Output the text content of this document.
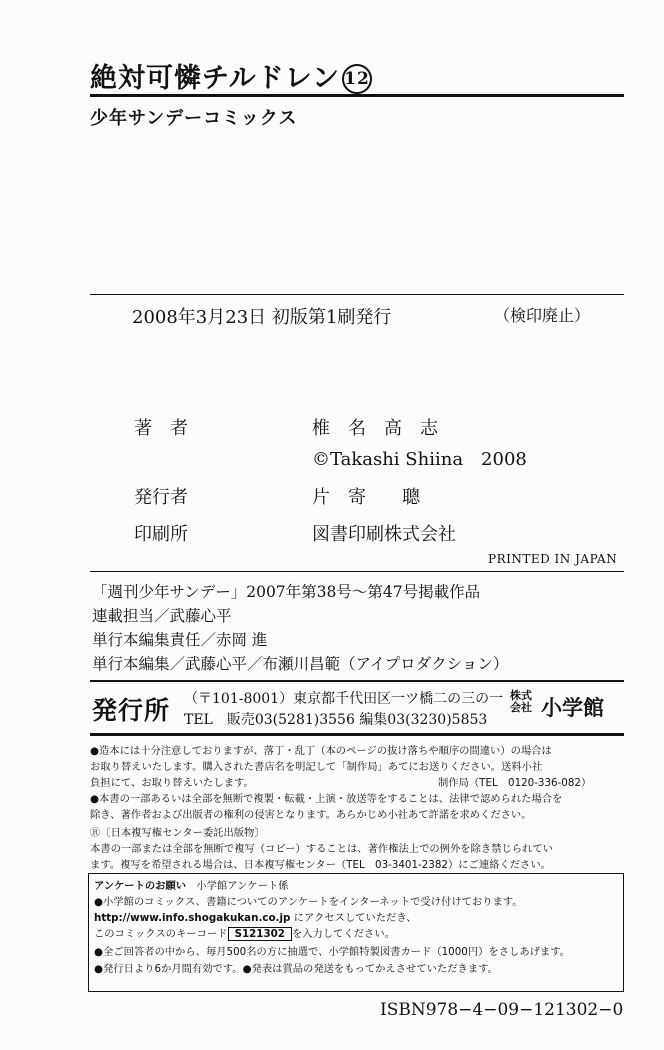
絶対可憐チルドレン 12
少年サンデーコミックス
2008年3月23日 初版第1刷発行	（検印廃止）
著　者	椎　名　高　志
©Takashi Shiina　2008
発行者	片　寄　　聰
印刷所	図書印刷株式会社
PRINTED IN JAPAN
「週刊少年サンデー」2007年第38号～第47号掲載作品
連載担当／武藤心平
単行本編集責任／赤岡 進
単行本編集／武藤心平／布瀬川昌範（アイプロダクション）
発行所 （〒101-8001）東京都千代田区一ツ橋二の三の一
TEL　販売03(5281)3556 編集03(3230)5853
株式
会社 小学館
●造本には十分注意しておりますが、落丁・乱丁（本のページの抜け落ちや順序の間違い）の場合は
お取り替えいたします。購入された書店名を明記して「制作局」あてにお送りください。送料小社
負担にて、お取り替えいたします。	制作局（TEL　0120-336-082）
●本書の一部あるいは全部を無断で複製・転載・上演・放送等をすることは、法律で認められた場合を
除き、著作者および出版者の権利の侵害となります。あらかじめ小社あて許諾を求めください。
Ⓡ〔日本複写権センター委託出版物〕
本書の一部または全部を無断で複写（コピー）することは、著作権法上での例外を除き禁じられてい
ます。複写を希望される場合は、日本複写権センター（TEL　03-3401-2382）にご連絡ください。
アンケートのお願い　 小学館アンケート係
●小学館のコミックス、書籍についてのアンケートをインターネットで受け付けております。
http://www.info.shogakukan.co.jp にアクセスしていただき、
このコミックスのキーコード S121302 を入力してください。
●全ご回答者の中から、毎月500名の方に抽選で、小学館特製図書カード（1000円）をさしあげます。
●発行日より6か月間有効です。●発表は賞品の発送をもってかえさせていただきます。
ISBN978−4−09−121302−0
